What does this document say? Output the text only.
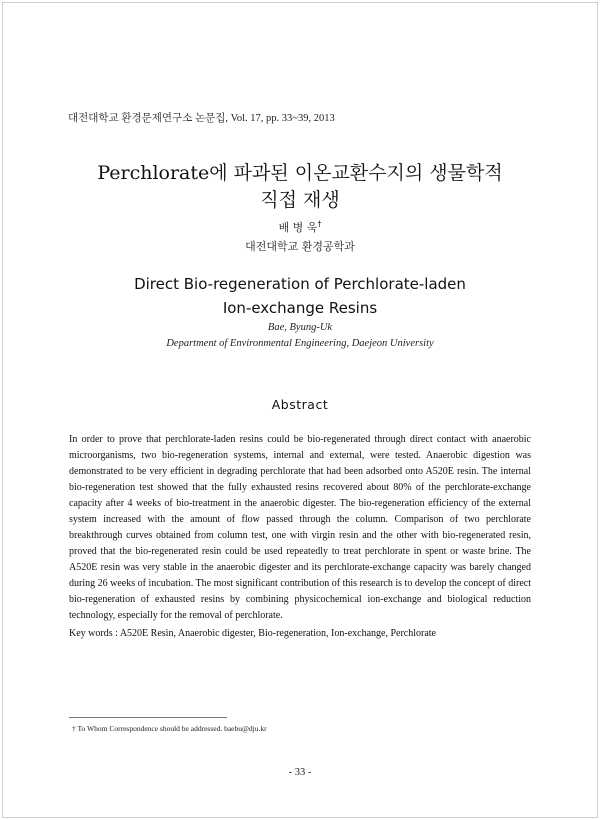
대전대학교 환경문제연구소 논문집, Vol. 17, pp. 33~39, 2013
Perchlorate에 파과된 이온교환수지의 생물학적
직접 재생
배 병 욱†
대전대학교 환경공학과
Direct Bio-regeneration of Perchlorate-laden
Ion-exchange Resins
Bae, Byung-Uk
Department of Environmental Engineering, Daejeon University
Abstract

In order to prove that perchlorate-laden resins could be bio-regenerated through direct contact with anaerobic microorganisms, two bio-regeneration systems, internal and external, were tested. Anaerobic digestion was demonstrated to be very efficient in degrading perchlorate that had been adsorbed onto A520E resin. The internal bio-regeneration test showed that the fully exhausted resins recovered about 80% of the perchlorate-exchange capacity after 4 weeks of bio-treatment in the anaerobic digester. The bio-regeneration efficiency of the external system increased with the amount of flow passed through the column. Comparison of two perchlorate breakthrough curves obtained from column test, one with virgin resin and the other with bio-regenerated resin, proved that the bio-regenerated resin could be used repeatedly to treat perchlorate in spent or waste brine. The A520E resin was very stable in the anaerobic digester and its perchlorate-exchange capacity was barely changed during 26 weeks of incubation. The most significant contribution of this research is to develop the concept of direct bio-regeneration of exhausted resins by combining physicochemical ion-exchange and biological reduction technology, especially for the removal of perchlorate.

Key words : A520E Resin, Anaerobic digester, Bio-regeneration, Ion-exchange, Perchlorate
† To Whom Correspondence should be addressed. baebu@dju.kr
- 33 -
